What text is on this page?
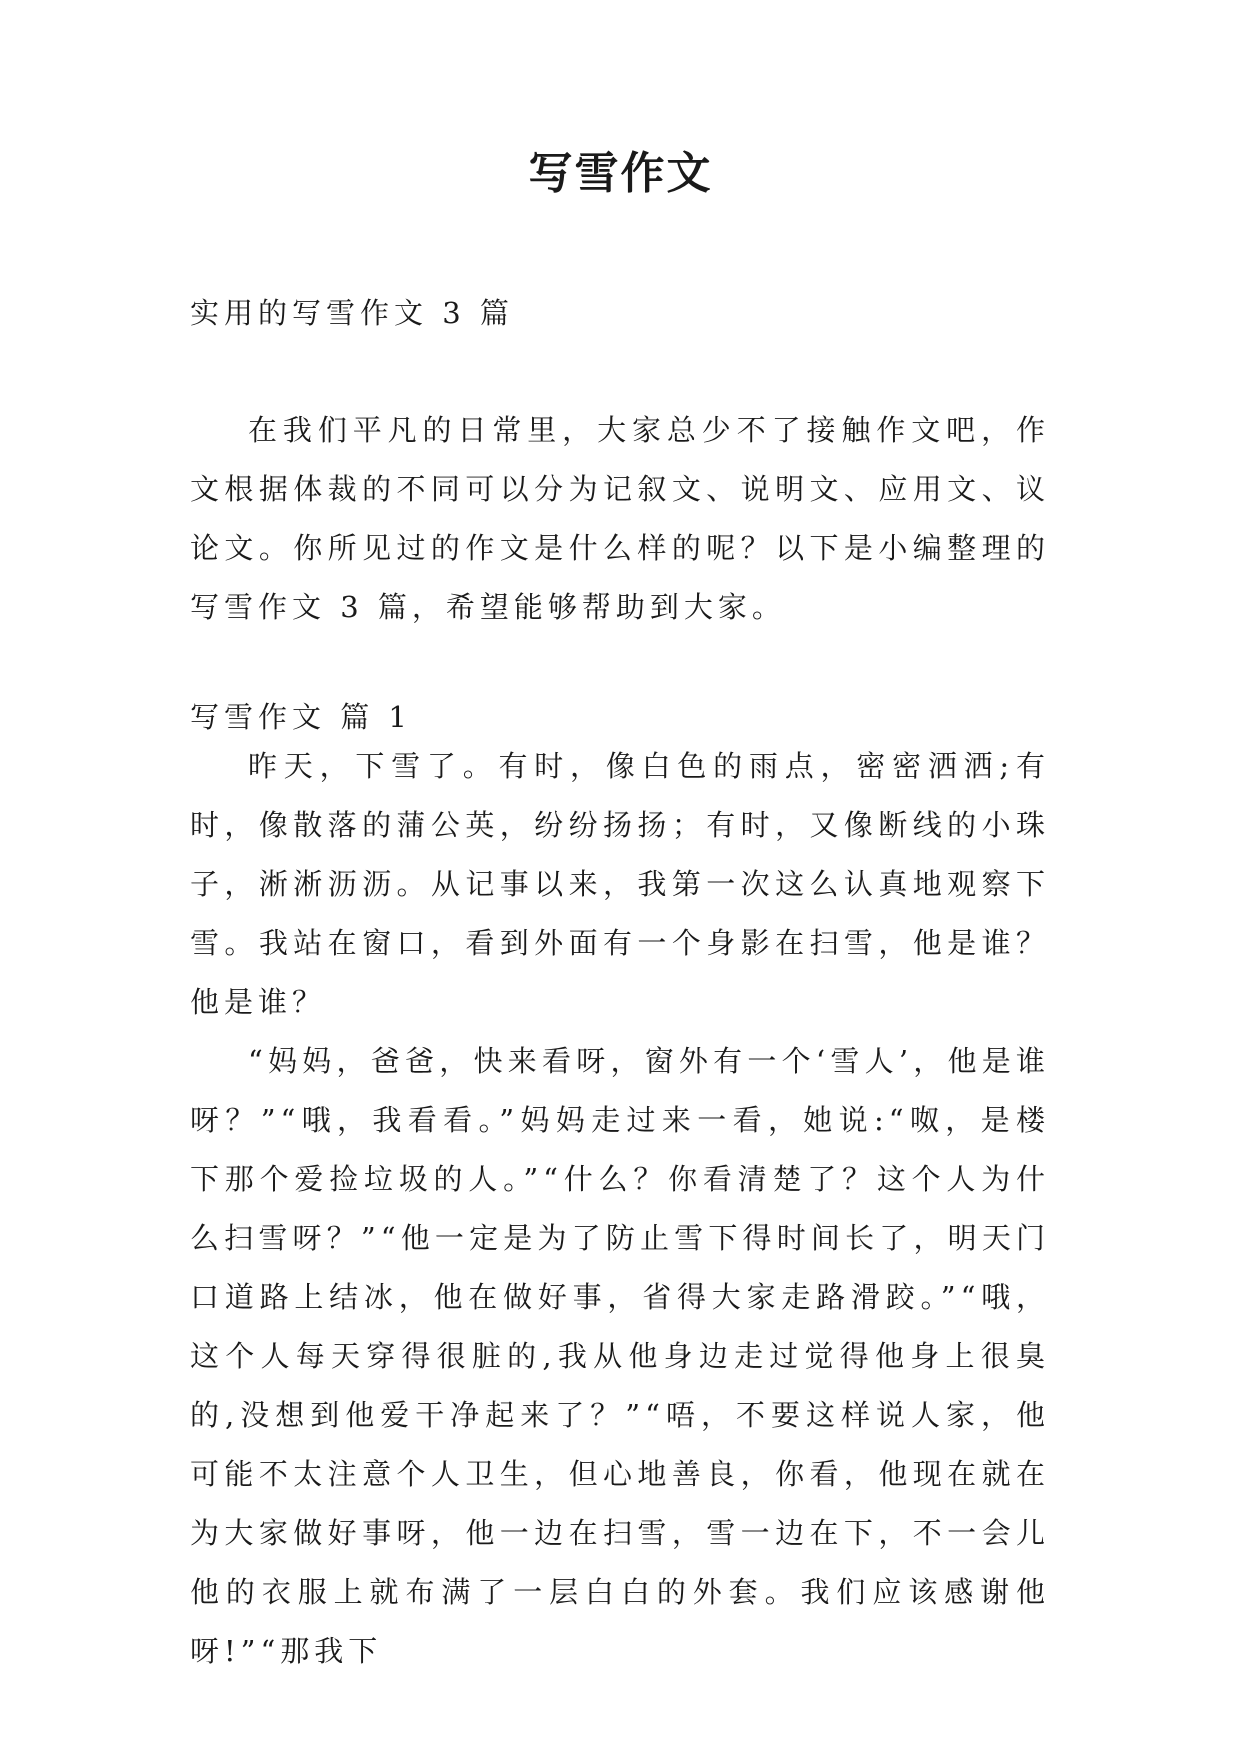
写雪作文
实用的写雪作文 3 篇

在我们平凡的日常里，大家总少不了接触作文吧，作文根据体裁的不同可以分为记叙文、说明文、应用文、议论文。你所见过的作文是什么样的呢？以下是小编整理的写雪作文 3 篇，希望能够帮助到大家。

写雪作文 篇 1

昨天，下雪了。有时，像白色的雨点，密密洒洒;有时，像散落的蒲公英，纷纷扬扬；有时，又像断线的小珠子，淅淅沥沥。从记事以来，我第一次这么认真地观察下雪。我站在窗口，看到外面有一个身影在扫雪，他是谁？他是谁？

“妈妈，爸爸，快来看呀，窗外有一个‘雪人’，他是谁呀？”“哦，我看看。”妈妈走过来一看，她说:“呶，是楼下那个爱捡垃圾的人。”“什么？你看清楚了？这个人为什么扫雪呀？”“他一定是为了防止雪下得时间长了，明天门口道路上结冰，他在做好事，省得大家走路滑跤。”“哦，这个人每天穿得很脏的,我从他身边走过觉得他身上很臭的,没想到他爱干净起来了？”“唔，不要这样说人家，他可能不太注意个人卫生，但心地善良，你看，他现在就在为大家做好事呀，他一边在扫雪，雪一边在下，不一会儿他的衣服上就布满了一层白白的外套。我们应该感谢他呀!”“那我下
